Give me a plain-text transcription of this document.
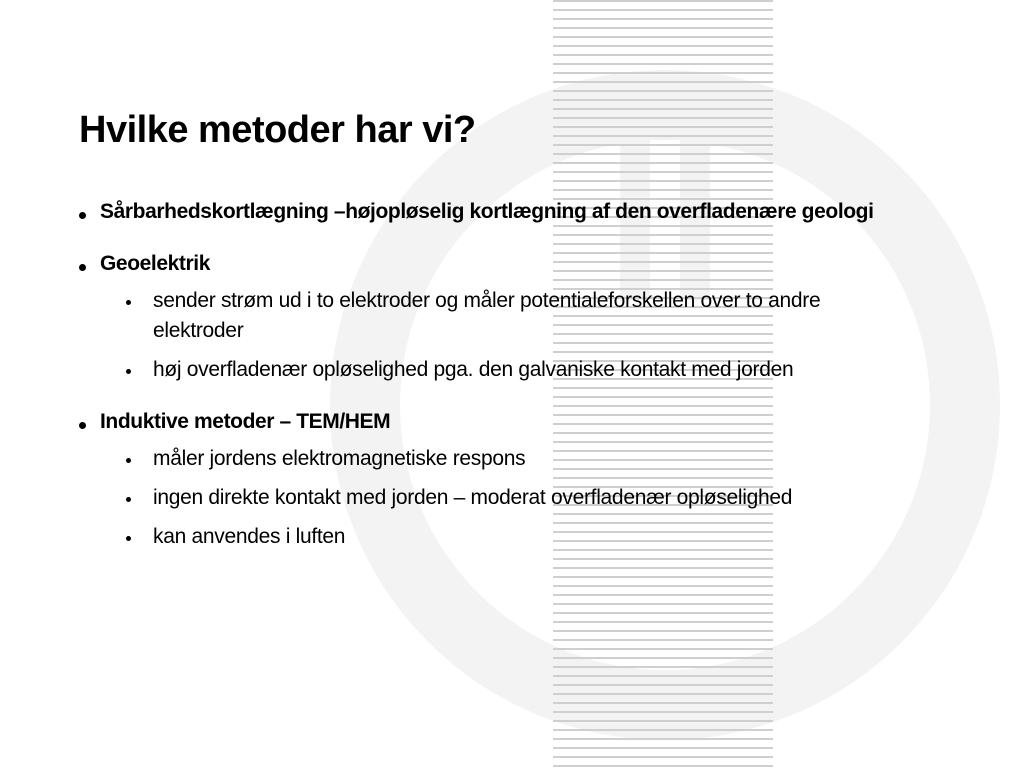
Hvilke metoder har vi?
Sårbarhedskortlægning –højopløselig kortlægning af den overfladenære geologi
Geoelektrik
sender strøm ud i to elektroder og måler potentialeforskellen over to andre elektroder
høj overfladenær opløselighed pga. den galvaniske kontakt med jorden
Induktive metoder – TEM/HEM
måler jordens elektromagnetiske respons
ingen direkte kontakt med jorden – moderat overfladenær opløselighed
kan anvendes i luften
